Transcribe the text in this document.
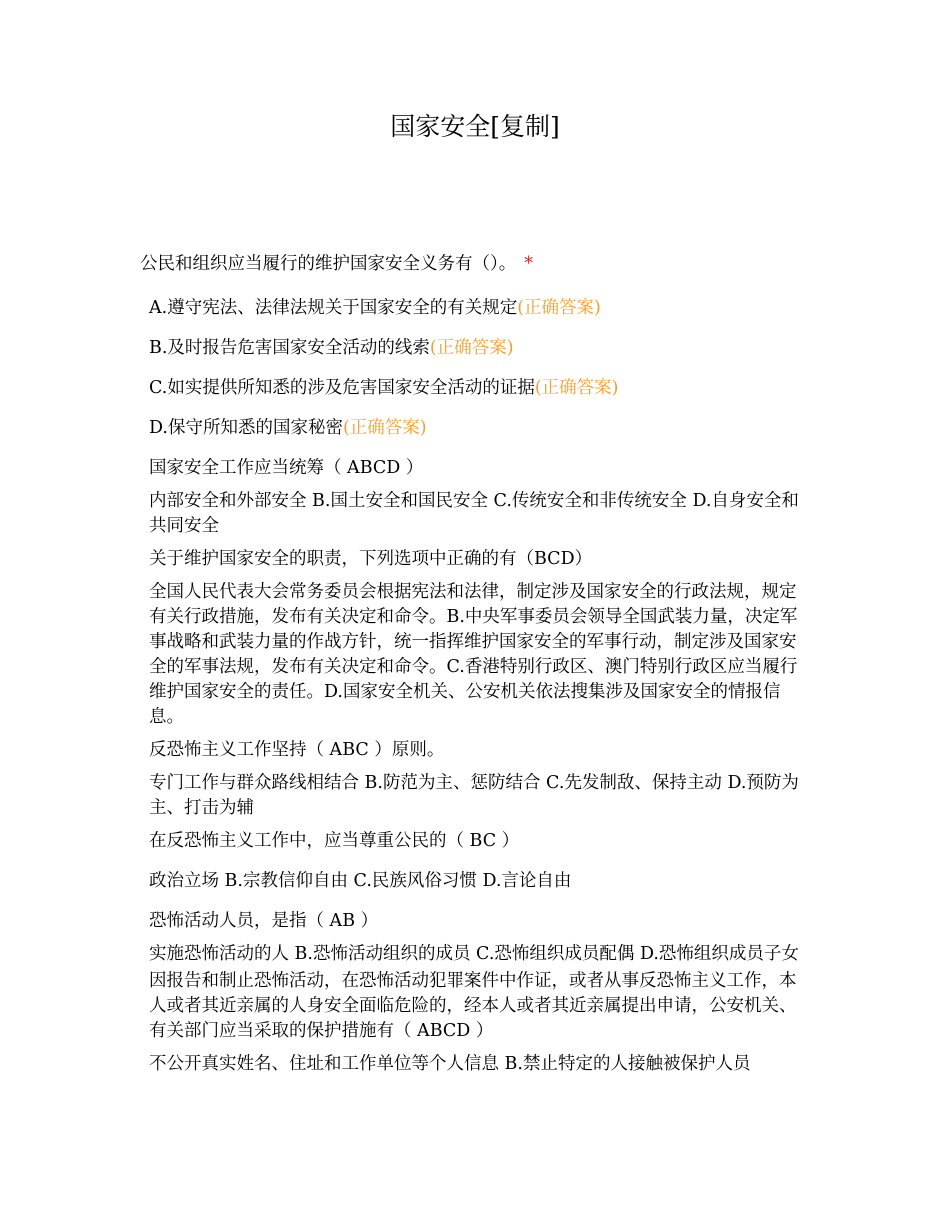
国家安全[复制]
公民和组织应当履行的维护国家安全义务有（）。 *
A.遵守宪法、法律法规关于国家安全的有关规定(正确答案)
B.及时报告危害国家安全活动的线索(正确答案)
C.如实提供所知悉的涉及危害国家安全活动的证据(正确答案)
D.保守所知悉的国家秘密(正确答案)
国家安全工作应当统筹（ ABCD ）
内部安全和外部安全 B.国土安全和国民安全 C.传统安全和非传统安全 D.自身安全和共同安全
关于维护国家安全的职责，下列选项中正确的有（BCD）
全国人民代表大会常务委员会根据宪法和法律，制定涉及国家安全的行政法规，规定有关行政措施，发布有关决定和命令。B.中央军事委员会领导全国武装力量，决定军事战略和武装力量的作战方针，统一指挥维护国家安全的军事行动，制定涉及国家安全的军事法规，发布有关决定和命令。C.香港特别行政区、澳门特别行政区应当履行维护国家安全的责任。D.国家安全机关、公安机关依法搜集涉及国家安全的情报信息。
反恐怖主义工作坚持（ ABC ）原则。
专门工作与群众路线相结合 B.防范为主、惩防结合 C.先发制敌、保持主动 D.预防为主、打击为辅
在反恐怖主义工作中，应当尊重公民的（ BC ）
政治立场 B.宗教信仰自由 C.民族风俗习惯 D.言论自由
恐怖活动人员，是指（ AB ）
实施恐怖活动的人 B.恐怖活动组织的成员 C.恐怖组织成员配偶 D.恐怖组织成员子女
因报告和制止恐怖活动，在恐怖活动犯罪案件中作证，或者从事反恐怖主义工作，本人或者其近亲属的人身安全面临危险的，经本人或者其近亲属提出申请，公安机关、有关部门应当采取的保护措施有（ ABCD ）
不公开真实姓名、住址和工作单位等个人信息 B.禁止特定的人接触被保护人员
